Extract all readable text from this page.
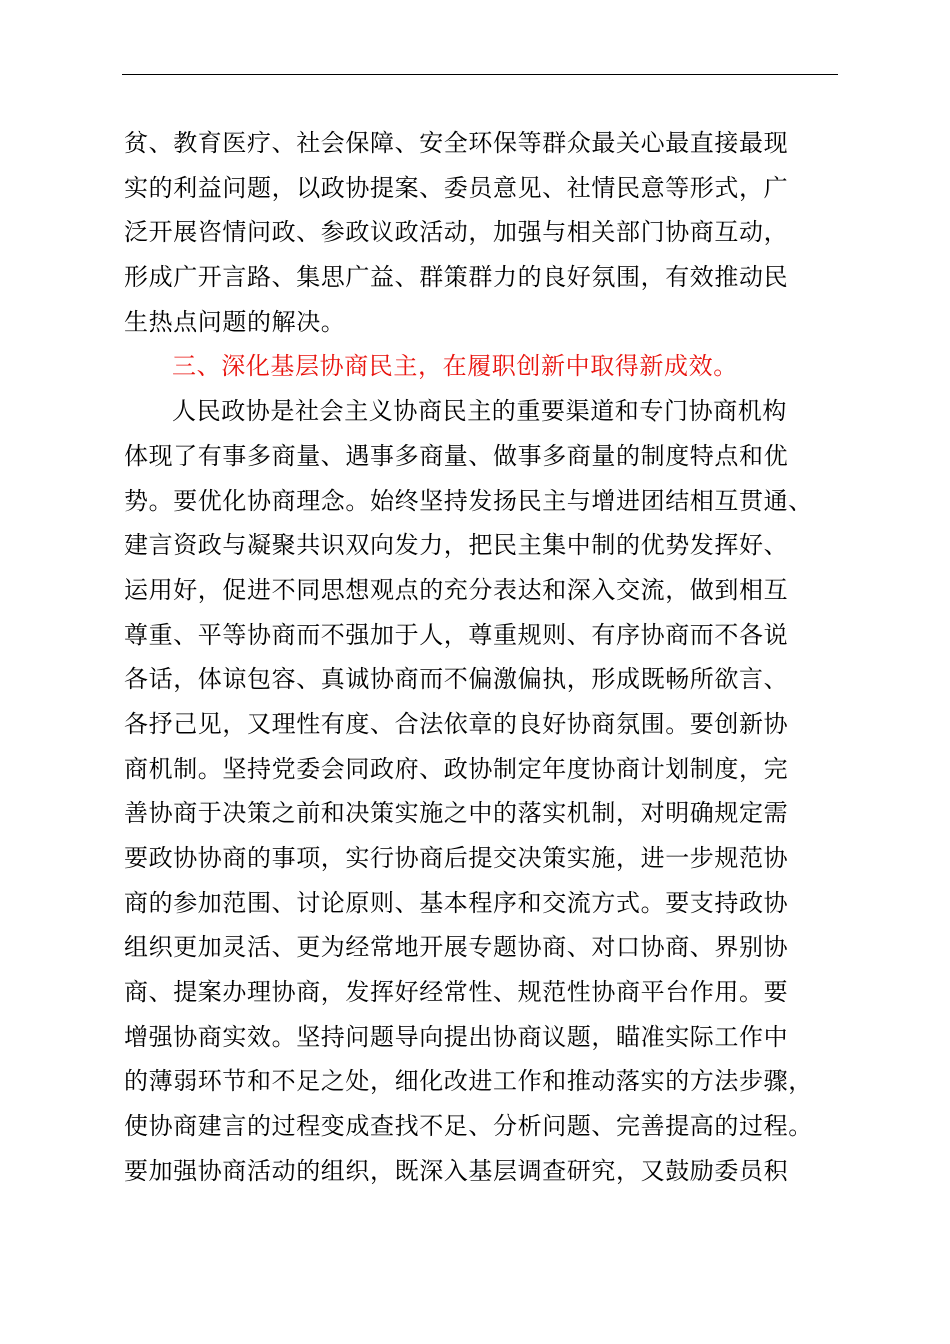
贫、教育医疗、社会保障、安全环保等群众最关心最直接最现
实的利益问题，以政协提案、委员意见、社情民意等形式，广
泛开展咨情问政、参政议政活动，加强与相关部门协商互动，
形成广开言路、集思广益、群策群力的良好氛围，有效推动民
生热点问题的解决。
三、深化基层协商民主，在履职创新中取得新成效。
人民政协是社会主义协商民主的重要渠道和专门协商机构
体现了有事多商量、遇事多商量、做事多商量的制度特点和优
势。要优化协商理念。始终坚持发扬民主与增进团结相互贯通、
建言资政与凝聚共识双向发力，把民主集中制的优势发挥好、
运用好，促进不同思想观点的充分表达和深入交流，做到相互
尊重、平等协商而不强加于人，尊重规则、有序协商而不各说
各话，体谅包容、真诚协商而不偏激偏执，形成既畅所欲言、
各抒己见，又理性有度、合法依章的良好协商氛围。要创新协
商机制。坚持党委会同政府、政协制定年度协商计划制度，完
善协商于决策之前和决策实施之中的落实机制，对明确规定需
要政协协商的事项，实行协商后提交决策实施，进一步规范协
商的参加范围、讨论原则、基本程序和交流方式。要支持政协
组织更加灵活、更为经常地开展专题协商、对口协商、界别协
商、提案办理协商，发挥好经常性、规范性协商平台作用。要
增强协商实效。坚持问题导向提出协商议题，瞄准实际工作中
的薄弱环节和不足之处，细化改进工作和推动落实的方法步骤，
使协商建言的过程变成查找不足、分析问题、完善提高的过程。
要加强协商活动的组织，既深入基层调查研究，又鼓励委员积
